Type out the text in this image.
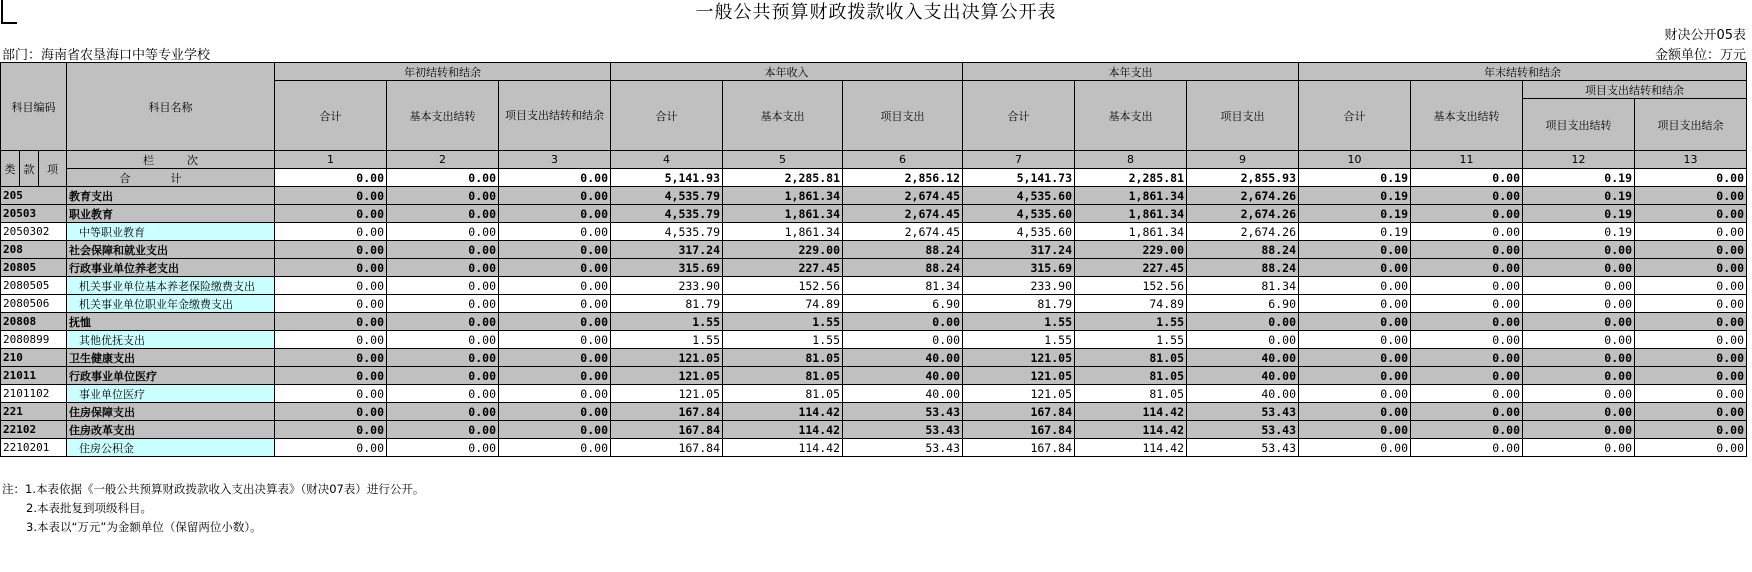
一般公共预算财政拨款收入支出决算公开表
财决公开05表
部门：海南省农垦海口中等专业学校	金额单位：万元
科目编码			科目名称	年初结转和结余			本年收入			本年支出			年末结转和结余			
				合计	基本支出结转	项目支出结转和结余	合计	基本支出	项目支出	合计	基本支出	项目支出	合计	基本支出结转	项目支出结转和结余	
															项目支出结转	项目支出结余
类	款	项	栏　　　次	1	2	3	4	5	6	7	8	9	10	11	12	13
			合计	0.00	0.00	0.00	5,141.93	2,285.81	2,856.12	5,141.73	2,285.81	2,855.93	0.19	0.00	0.19	0.00
205			教育支出	0.00	0.00	0.00	4,535.79	1,861.34	2,674.45	4,535.60	1,861.34	2,674.26	0.19	0.00	0.19	0.00
20503			职业教育	0.00	0.00	0.00	4,535.79	1,861.34	2,674.45	4,535.60	1,861.34	2,674.26	0.19	0.00	0.19	0.00
2050302			中等职业教育	0.00	0.00	0.00	4,535.79	1,861.34	2,674.45	4,535.60	1,861.34	2,674.26	0.19	0.00	0.19	0.00
208			社会保障和就业支出	0.00	0.00	0.00	317.24	229.00	88.24	317.24	229.00	88.24	0.00	0.00	0.00	0.00
20805			行政事业单位养老支出	0.00	0.00	0.00	315.69	227.45	88.24	315.69	227.45	88.24	0.00	0.00	0.00	0.00
2080505			机关事业单位基本养老保险缴费支出	0.00	0.00	0.00	233.90	152.56	81.34	233.90	152.56	81.34	0.00	0.00	0.00	0.00
2080506			机关事业单位职业年金缴费支出	0.00	0.00	0.00	81.79	74.89	6.90	81.79	74.89	6.90	0.00	0.00	0.00	0.00
20808			抚恤	0.00	0.00	0.00	1.55	1.55	0.00	1.55	1.55	0.00	0.00	0.00	0.00	0.00
2080899			其他优抚支出	0.00	0.00	0.00	1.55	1.55	0.00	1.55	1.55	0.00	0.00	0.00	0.00	0.00
210			卫生健康支出	0.00	0.00	0.00	121.05	81.05	40.00	121.05	81.05	40.00	0.00	0.00	0.00	0.00
21011			行政事业单位医疗	0.00	0.00	0.00	121.05	81.05	40.00	121.05	81.05	40.00	0.00	0.00	0.00	0.00
2101102			事业单位医疗	0.00	0.00	0.00	121.05	81.05	40.00	121.05	81.05	40.00	0.00	0.00	0.00	0.00
221			住房保障支出	0.00	0.00	0.00	167.84	114.42	53.43	167.84	114.42	53.43	0.00	0.00	0.00	0.00
22102			住房改革支出	0.00	0.00	0.00	167.84	114.42	53.43	167.84	114.42	53.43	0.00	0.00	0.00	0.00
2210201			住房公积金	0.00	0.00	0.00	167.84	114.42	53.43	167.84	114.42	53.43	0.00	0.00	0.00	0.00
注：1.本表依据《一般公共预算财政拨款收入支出决算表》（财决07表）进行公开。
2.本表批复到项级科目。
3.本表以“万元”为金额单位（保留两位小数）。
